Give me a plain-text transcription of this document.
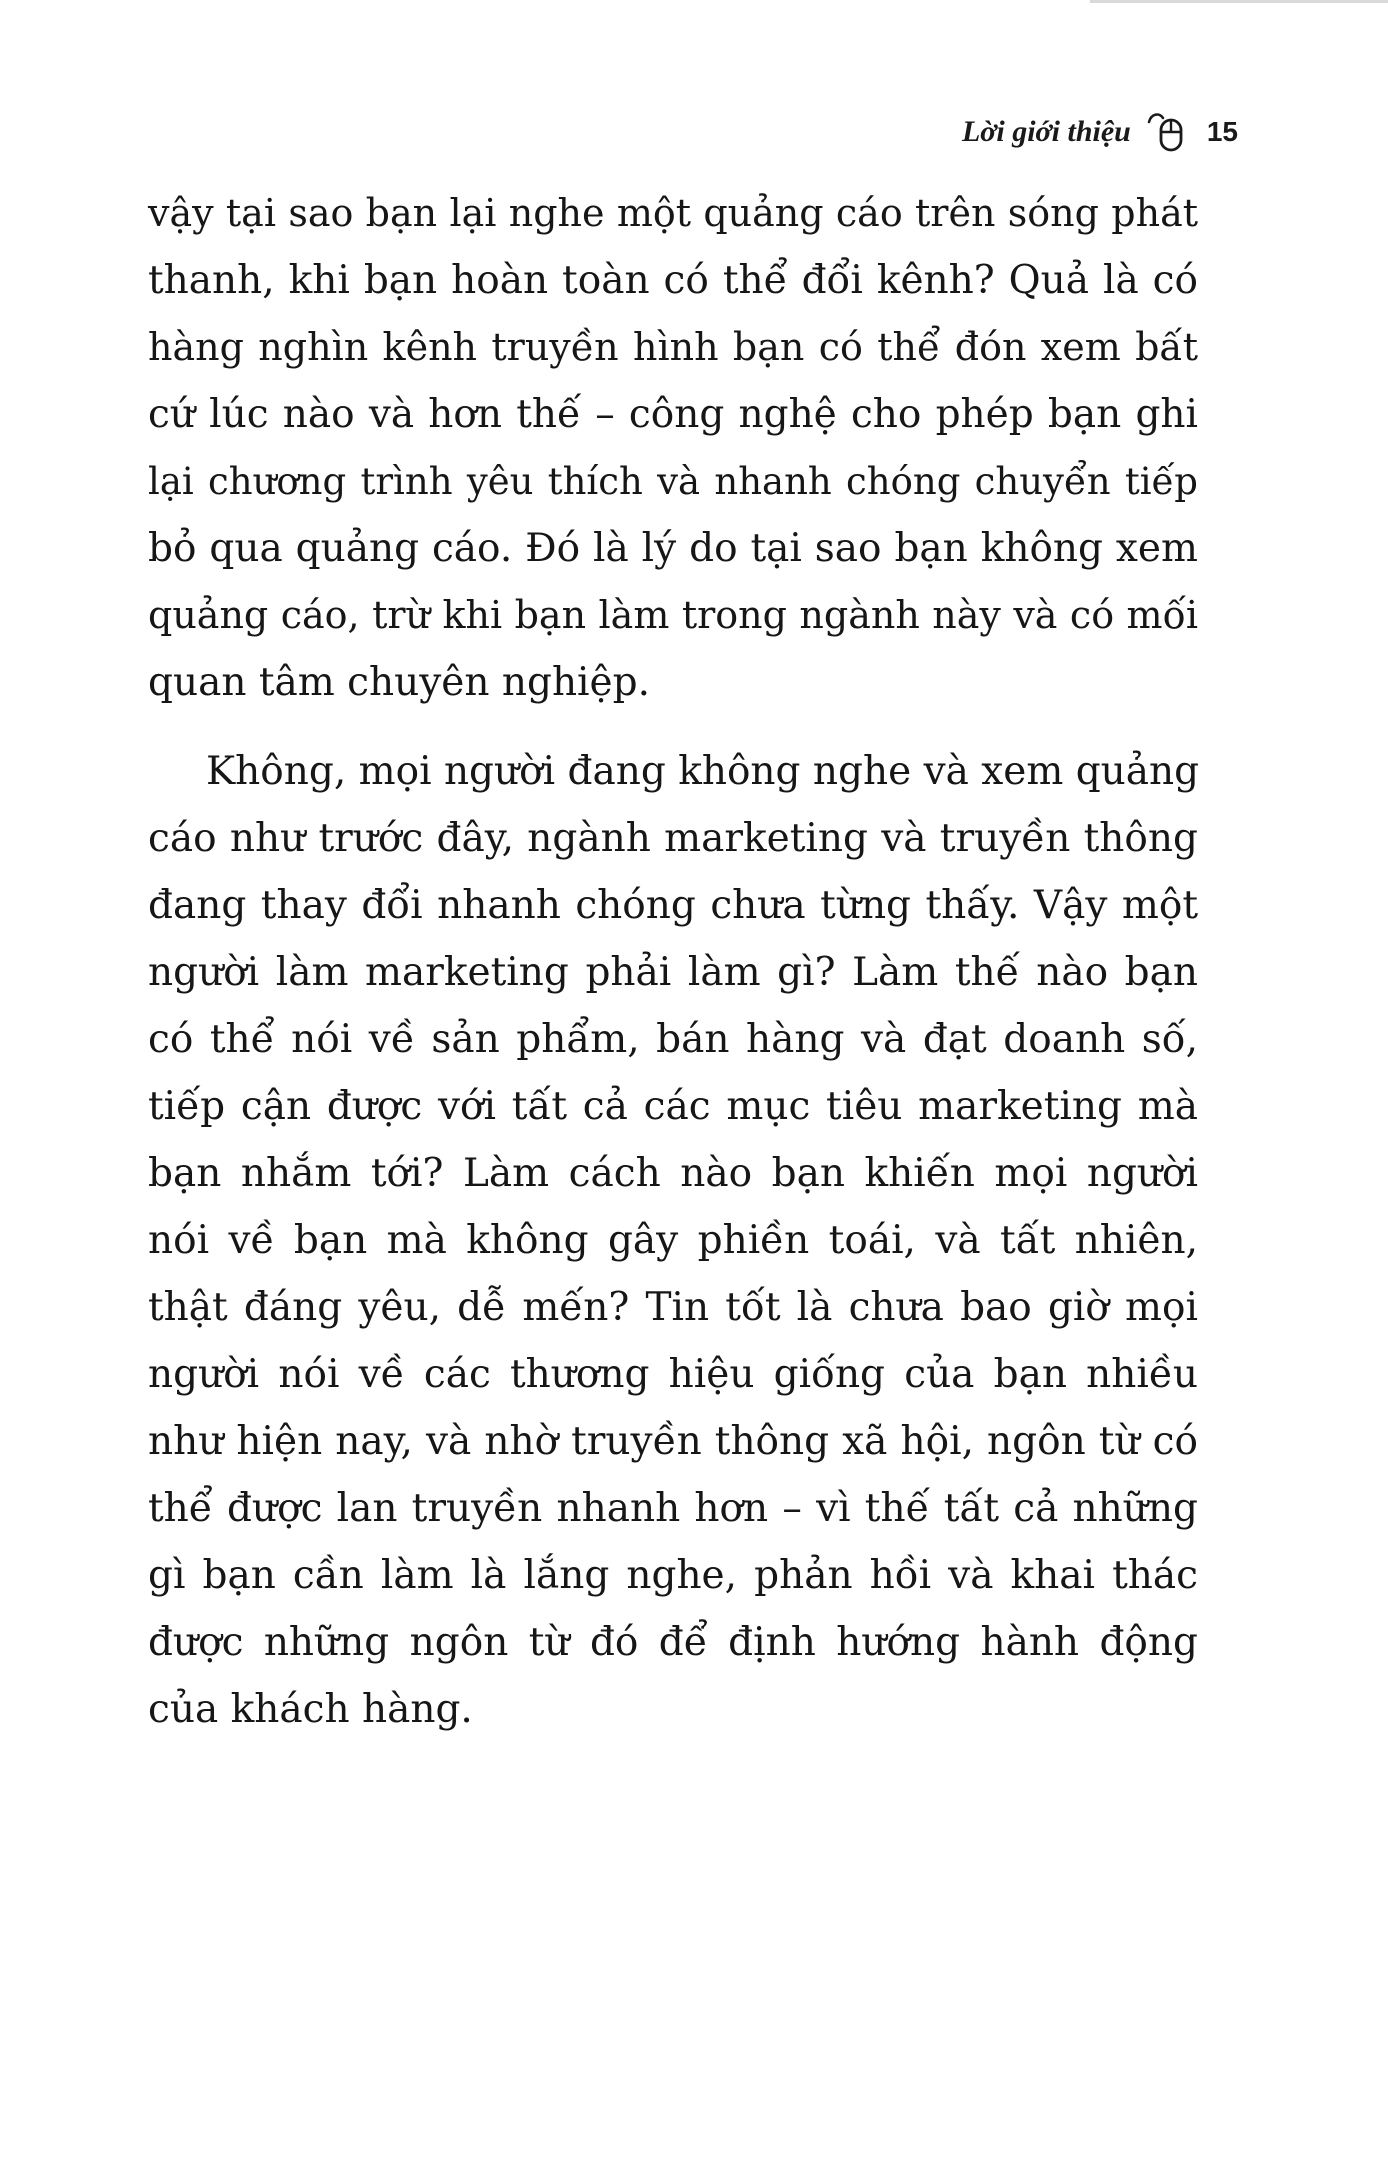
Lời giới thiệu	15
vậy tại sao bạn lại nghe một quảng cáo trên sóng phát
thanh, khi bạn hoàn toàn có thể đổi kênh? Quả là có
hàng nghìn kênh truyền hình bạn có thể đón xem bất
cứ lúc nào và hơn thế – công nghệ cho phép bạn ghi
lại chương trình yêu thích và nhanh chóng chuyển tiếp
bỏ qua quảng cáo. Đó là lý do tại sao bạn không xem
quảng cáo, trừ khi bạn làm trong ngành này và có mối
quan tâm chuyên nghiệp.
Không, mọi người đang không nghe và xem quảng
cáo như trước đây, ngành marketing và truyền thông
đang thay đổi nhanh chóng chưa từng thấy. Vậy một
người làm marketing phải làm gì? Làm thế nào bạn
có thể nói về sản phẩm, bán hàng và đạt doanh số,
tiếp cận được với tất cả các mục tiêu marketing mà
bạn nhắm tới? Làm cách nào bạn khiến mọi người
nói về bạn mà không gây phiền toái, và tất nhiên,
thật đáng yêu, dễ mến? Tin tốt là chưa bao giờ mọi
người nói về các thương hiệu giống của bạn nhiều
như hiện nay, và nhờ truyền thông xã hội, ngôn từ có
thể được lan truyền nhanh hơn – vì thế tất cả những
gì bạn cần làm là lắng nghe, phản hồi và khai thác
được những ngôn từ đó để định hướng hành động
của khách hàng.
